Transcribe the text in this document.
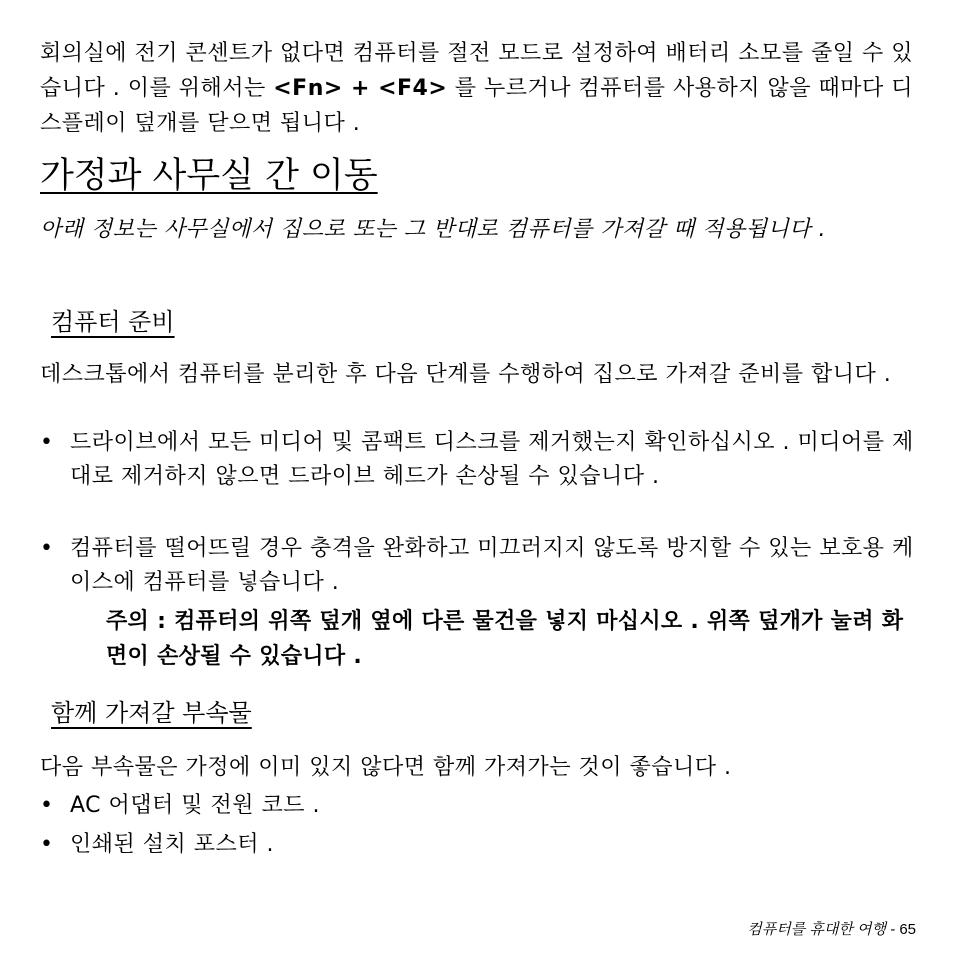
회의실에 전기 콘센트가 없다면 컴퓨터를 절전 모드로 설정하여 배터리 소모를 줄일 수 있습니다 . 이를 위해서는 <Fn> + <F4> 를 누르거나 컴퓨터를 사용하지 않을 때마다 디스플레이 덮개를 닫으면 됩니다 .

가정과 사무실 간 이동

아래 정보는 사무실에서 집으로 또는 그 반대로 컴퓨터를 가져갈 때 적용됩니다 .

컴퓨터 준비

데스크톱에서 컴퓨터를 분리한 후 다음 단계를 수행하여 집으로 가져갈 준비를 합니다 .

• 드라이브에서 모든 미디어 및 콤팩트 디스크를 제거했는지 확인하십시오 . 미디어를 제대로 제거하지 않으면 드라이브 헤드가 손상될 수 있습니다 .
• 컴퓨터를 떨어뜨릴 경우 충격을 완화하고 미끄러지지 않도록 방지할 수 있는 보호용 케이스에 컴퓨터를 넣습니다 .
주의 : 컴퓨터의 위쪽 덮개 옆에 다른 물건을 넣지 마십시오 . 위쪽 덮개가 눌려 화면이 손상될 수 있습니다 .
함께 가져갈 부속물

다음 부속물은 가정에 이미 있지 않다면 함께 가져가는 것이 좋습니다 .

• AC 어댑터 및 전원 코드 .
• 인쇄된 설치 포스터 .
컴퓨터를 휴대한 여행 - 65
